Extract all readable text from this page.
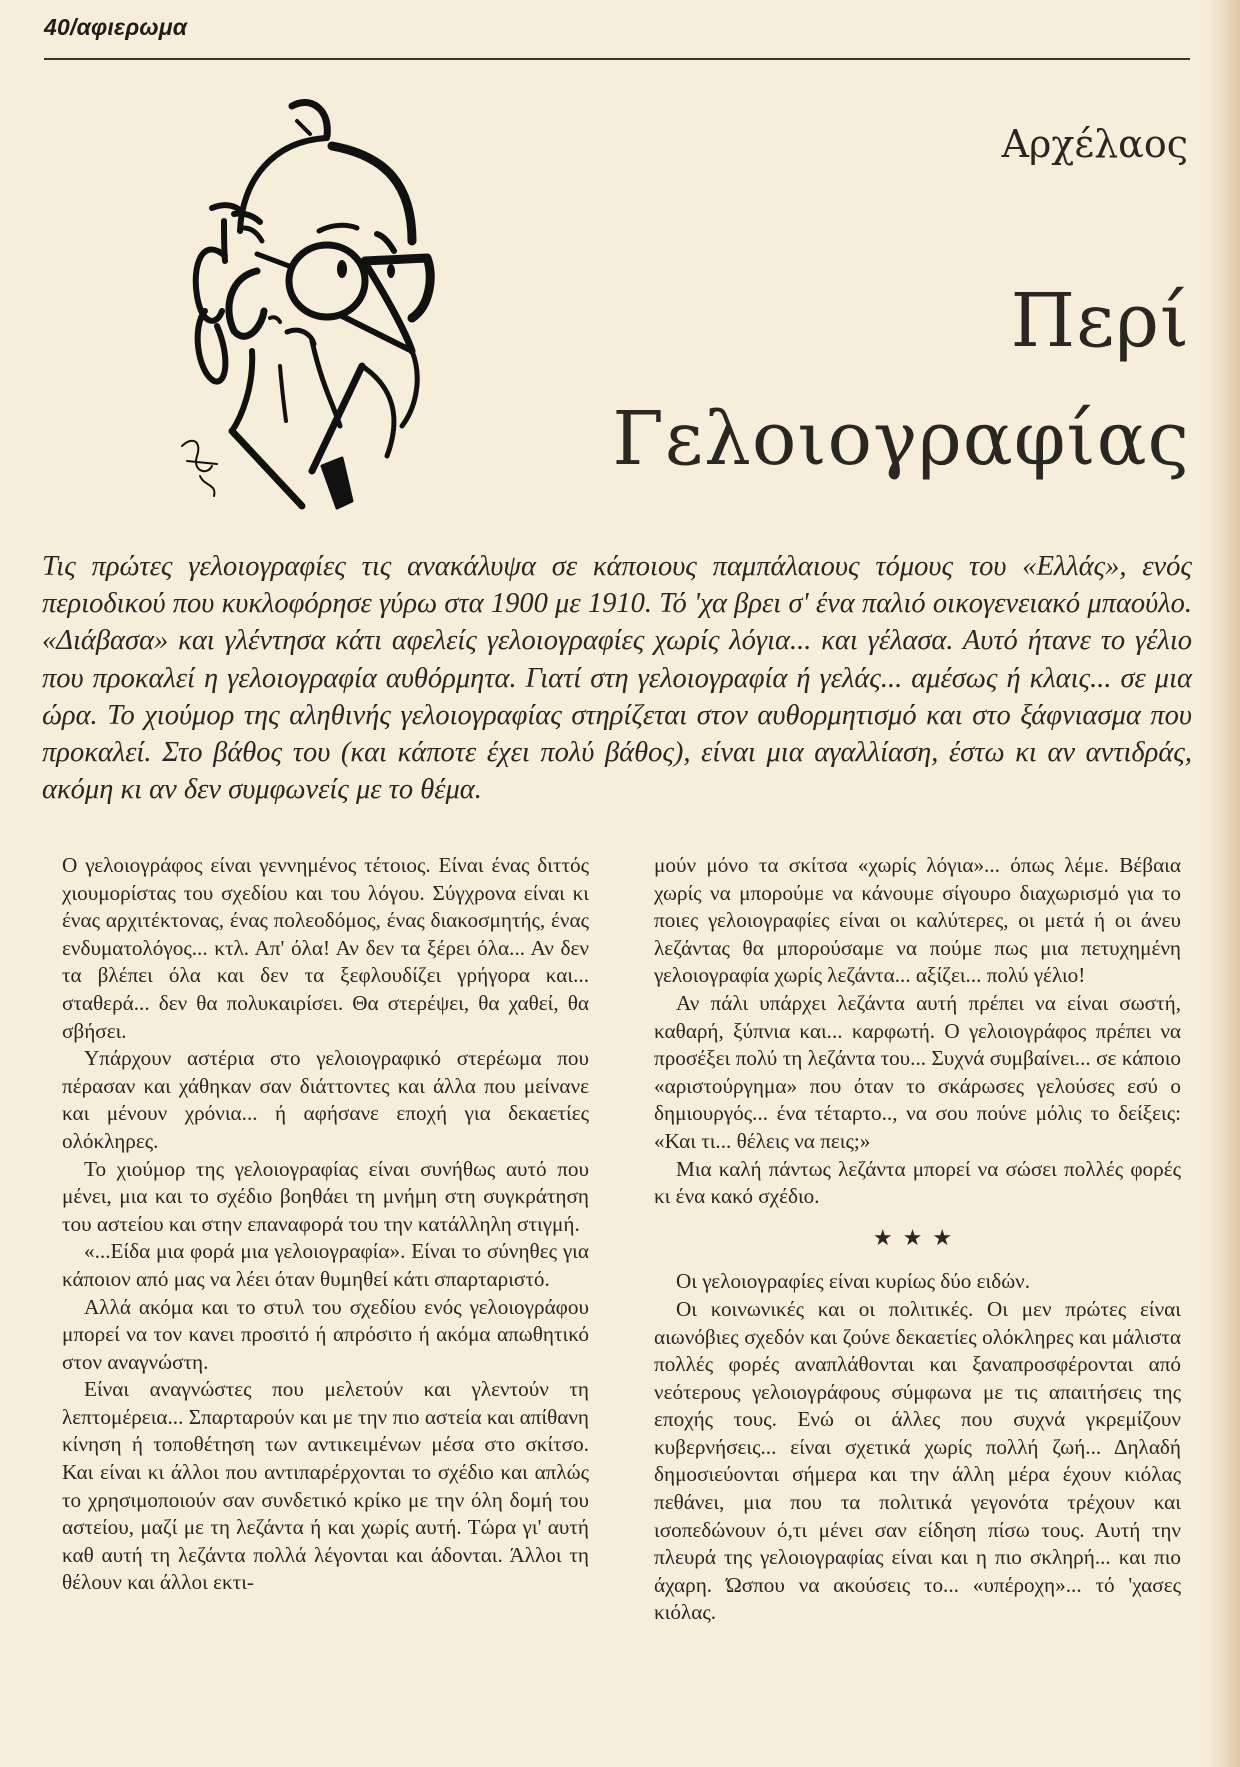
40/αφιερωμα
Αρχέλαος
Περί
Γελοιογραφίας
Τις πρώτες γελοιογραφίες τις ανακάλυψα σε κάποιους παμπάλαιους τόμους του «Ελλάς», ενός περιοδικού που κυκλοφόρησε γύρω στα 1900 με 1910. Τό 'χα βρει σ' ένα παλιό οικογενειακό μπαούλο. «Διάβασα» και γλέντησα κάτι αφελείς γελοιογραφίες χωρίς λόγια... και γέλασα. Αυτό ήτανε το γέλιο που προκαλεί η γελοιογραφία αυθόρμητα. Γιατί στη γελοιογραφία ή γελάς... αμέσως ή κλαις... σε μια ώρα. Το χιούμορ της αληθινής γελοιογραφίας στηρίζεται στον αυθορμητισμό και στο ξάφνιασμα που προκαλεί. Στο βάθος του (και κάποτε έχει πολύ βάθος), είναι μια αγαλλίαση, έστω κι αν αντιδράς, ακόμη κι αν δεν συμφωνείς με το θέμα.

Ο γελοιογράφος είναι γεννημένος τέτοιος. Είναι ένας διττός χιουμορίστας του σχεδίου και του λόγου. Σύγχρονα είναι κι ένας αρχιτέκτονας, ένας πολεοδόμος, ένας διακοσμητής, ένας ενδυματολόγος... κτλ. Απ' όλα! Αν δεν τα ξέρει όλα... Αν δεν τα βλέπει όλα και δεν τα ξεφλουδίζει γρήγορα και... σταθερά... δεν θα πολυκαιρίσει. Θα στερέψει, θα χαθεί, θα σβήσει.

Υπάρχουν αστέρια στο γελοιογραφικό στερέωμα που πέρασαν και χάθηκαν σαν διάττοντες και άλλα που μείνανε και μένουν χρόνια... ή αφήσανε εποχή για δεκαετίες ολόκληρες.

Το χιούμορ της γελοιογραφίας είναι συνήθως αυτό που μένει, μια και το σχέδιο βοηθάει τη μνήμη στη συγκράτηση του αστείου και στην επαναφορά του την κατάλληλη στιγμή.

«...Είδα μια φορά μια γελοιογραφία». Είναι το σύνηθες για κάποιον από μας να λέει όταν θυμηθεί κάτι σπαρταριστό.

Αλλά ακόμα και το στυλ του σχεδίου ενός γελοιογράφου μπορεί να τον κανει προσιτό ή απρόσιτο ή ακόμα απωθητικό στον αναγνώστη.

Είναι αναγνώστες που μελετούν και γλεντούν τη λεπτομέρεια... Σπαρταρούν και με την πιο αστεία και απίθανη κίνηση ή τοποθέτηση των αντικειμένων μέσα στο σκίτσο. Και είναι κι άλλοι που αντιπαρέρχονται το σχέδιο και απλώς το χρησιμοποιούν σαν συνδετικό κρίκο με την όλη δομή του αστείου, μαζί με τη λεζάντα ή και χωρίς αυτή. Τώρα γι' αυτή καθ αυτή τη λεζάντα πολλά λέγονται και άδονται. Άλλοι τη θέλουν και άλλοι εκτι-

μούν μόνο τα σκίτσα «χωρίς λόγια»... όπως λέμε. Βέβαια χωρίς να μπορούμε να κάνουμε σίγουρο διαχωρισμό για το ποιες γελοιογραφίες είναι οι καλύτερες, οι μετά ή οι άνευ λεζάντας θα μπορούσαμε να πούμε πως μια πετυχημένη γελοιογραφία χωρίς λεζάντα... αξίζει... πολύ γέλιο!

Αν πάλι υπάρχει λεζάντα αυτή πρέπει να είναι σωστή, καθαρή, ξύπνια και... καρφωτή. Ο γελοιογράφος πρέπει να προσέξει πολύ τη λεζάντα του... Συχνά συμβαίνει... σε κάποιο «αριστούργημα» που όταν το σκάρωσες γελούσες εσύ ο δημιουργός... ένα τέταρτο.., να σου πούνε μόλις το δείξεις: «Και τι... θέλεις να πεις;»

Μια καλή πάντως λεζάντα μπορεί να σώσει πολλές φορές κι ένα κακό σχέδιο.

★★★

Οι γελοιογραφίες είναι κυρίως δύο ειδών.

Οι κοινωνικές και οι πολιτικές. Οι μεν πρώτες είναι αιωνόβιες σχεδόν και ζούνε δεκαετίες ολόκληρες και μάλιστα πολλές φορές αναπλάθονται και ξαναπροσφέρονται από νεότερους γελοιογράφους σύμφωνα με τις απαιτήσεις της εποχής τους. Ενώ οι άλλες που συχνά γκρεμίζουν κυβερνήσεις... είναι σχετικά χωρίς πολλή ζωή... Δηλαδή δημοσιεύονται σήμερα και την άλλη μέρα έχουν κιόλας πεθάνει, μια που τα πολιτικά γεγονότα τρέχουν και ισοπεδώνουν ό,τι μένει σαν είδηση πίσω τους. Αυτή την πλευρά της γελοιογραφίας είναι και η πιο σκληρή... και πιο άχαρη. Ώσπου να ακούσεις το... «υπέροχη»... τό 'χασες κιόλας.
